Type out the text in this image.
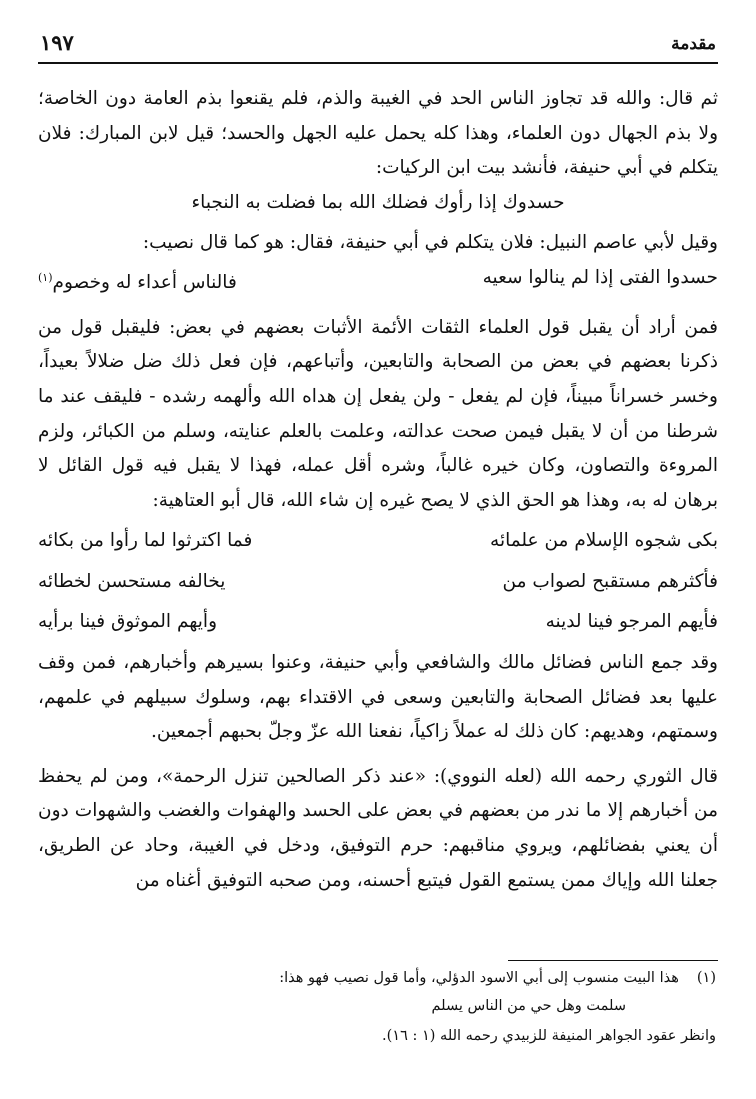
مقدمة
١٩٧

ثم قال: والله قد تجاوز الناس الحد في الغيبة والذم، فلم يقنعوا بذم العامة دون الخاصة؛ ولا بذم الجهال دون العلماء، وهذا كله يحمل عليه الجهل والحسد؛ قيل لابن المبارك: فلان يتكلم في أبي حنيفة، فأنشد بيت ابن الركيات:

حسدوك إذا رأوك فضلك الله بما فضلت به النجباء

وقيل لأبي عاصم النبيل: فلان يتكلم في أبي حنيفة، فقال: هو كما قال نصيب:

حسدوا الفتى إذا لم ينالوا سعيه
فالناس أعداء له وخصوم$^{(١)}$

فمن أراد أن يقبل قول العلماء الثقات الأئمة الأثبات بعضهم في بعض: فليقبل قول من ذكرنا بعضهم في بعض من الصحابة والتابعين، وأتباعهم، فإن فعل ذلك ضل ضلالاً بعيداً، وخسر خسراناً مبيناً، فإن لم يفعل - ولن يفعل إن هداه الله وألهمه رشده - فليقف عند ما شرطنا من أن لا يقبل فيمن صحت عدالته، وعلمت بالعلم عنايته، وسلم من الكبائر، ولزم المروءة والتصاون، وكان خيره غالباً، وشره أقل عمله، فهذا لا يقبل فيه قول القائل لا برهان له به، وهذا هو الحق الذي لا يصح غيره إن شاء الله، قال أبو العتاهية:

بكى شجوه الإسلام من علمائه
فما اكترثوا لما رأوا من بكائه
فأكثرهم مستقبح لصواب من
يخالفه مستحسن لخطائه
فأيهم المرجو فينا لدينه
وأيهم الموثوق فينا برأيه

وقد جمع الناس فضائل مالك والشافعي وأبي حنيفة، وعنوا بسيرهم وأخبارهم، فمن وقف عليها بعد فضائل الصحابة والتابعين وسعى في الاقتداء بهم، وسلوك سبيلهم في علمهم، وسمتهم، وهديهم: كان ذلك له عملاً زاكياً، نفعنا الله عزّ وجلّ بحبهم أجمعين.

قال الثوري رحمه الله (لعله النووي): «عند ذكر الصالحين تنزل الرحمة»، ومن لم يحفظ من أخبارهم إلا ما ندر من بعضهم في بعض على الحسد والهفوات والغضب والشهوات دون أن يعني بفضائلهم، ويروي مناقبهم: حرم التوفيق، ودخل في الغيبة، وحاد عن الطريق، جعلنا الله وإياك ممن يستمع القول فيتبع أحسنه، ومن صحبه التوفيق أغناه من

(١)هذا البيت منسوب إلى أبي الاسود الدؤلي، وأما قول نصيب فهو هذا:
سلمت وهل حي من الناس يسلم
وانظر عقود الجواهر المنيفة للزبيدي رحمه الله (١ : ١٦).
